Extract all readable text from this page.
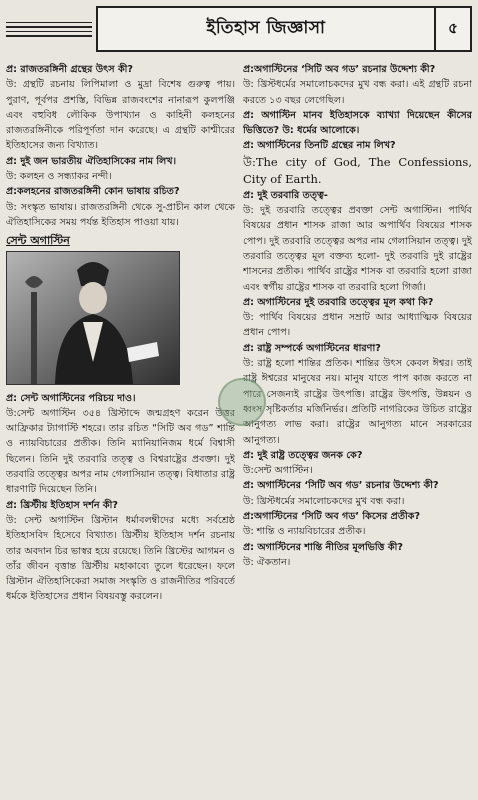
ইতিহাস জিজ্ঞাসা	৫

প্র: রাজতরঙ্গিনী গ্রন্থের উৎস কী?

উ: গ্রন্থটি রচনায় লিপিমালা ও মুদ্রা বিশেষ গুরুত্ব পায়। পুরাণ, পূর্বপর প্রশস্তি, বিভিন্ন রাজবংশের নানারূপ কুলপঞ্জি এবং বহুবিধ লৌকিক উপাখ্যান ও কাহিনী কলহনের রাজতরঙ্গিনীকে পরিপূর্ণতা দান করেছে। এ গ্রন্থটি কাশ্মীরের ইতিহাসের জন্য বিখ্যাত।

প্র: দুই জন ভারতীয় ঐতিহাসিকের নাম লিখ।

উ: কলহন ও সন্ধ্যাকর নন্দী।

প্র:কলহনের রাজতরঙ্গিনী কোন ভাষায় রচিত?

উ: সংস্কৃত ভাষায়। রাজতরঙ্গিনী থেকে সু-প্রাচীন কাল থেকে ঐতিহাসিকের সময় পর্যন্ত ইতিহাস পাওয়া যায়।

সেন্ট অগাস্টিন

প্র: সেন্ট অগাস্টিনের পরিচয় দাও।

উ:সেন্ট অগাস্টিন ৩৫৪ খ্রিস্টাব্দে জন্মগ্রহণ করেন উত্তর আফ্রিকার ট্যাগাস্টি শহরে। তার রচিত “সিটি অব গড” শান্তি ও ন্যায়বিচারের প্রতীক। তিনি ম্যানিয়ানিজম ধর্মে বিশ্বাসী ছিলেন। তিনি দুই তরবারি তত্ত্ব ও বিশ্বরাষ্ট্রের প্রবক্তা। দুই তরবারি তত্ত্বের অপর নাম গেলাসিয়ান তত্ত্ব। বিধাতার রাষ্ট্র ধারণাটি দিয়েছেন তিনি।

প্র: খ্রিস্টীয় ইতিহাস দর্শন কী?

উ: সেন্ট অগাস্টিন খ্রিস্টান ধর্মাবলম্বীদের মধ্যে সর্বশ্রেষ্ঠ ইতিহাসবিদ হিসেবে বিখ্যাত। খ্রিস্টীয় ইতিহাস দর্শন রচনায় তার অবদান চির ভাস্বর হয়ে রয়েছে। তিনি খ্রিস্টের আগমন ও তাঁর জীবন বৃত্তান্ত খ্রিস্টীয় মহাকাব্যে তুলে ধরেছেন। ফলে খ্রিস্টান ঐতিহাসিকেরা সমাজ সংস্কৃতি ও রাজনীতির পরিবর্তে ধর্মকে ইতিহাসের প্রধান বিষয়বস্তু করলেন।

প্র:অগাস্টিনের ‘সিটি অব গড’ রচনার উদ্দেশ্য কী?

উ: খ্রিস্টধর্মের সমালোচকদের মুখ বন্ধ করা। এই গ্রন্থটি রচনা করতে ১৩ বছর লেগেছিল।

প্র: অগাস্টিন মানব ইতিহাসকে ব্যাখ্যা দিয়েছেন কীসের ভিত্তিতে? উ: ধর্মের আলোকে।

প্র: অগাস্টিনের তিনটি গ্রন্থের নাম লিখ?

উ:The city of God, The Confessions, City of Earth.

প্র: দুই তরবারি তত্ত্ব-

উ: দুই তরবারি তত্ত্বের প্রবক্তা সেন্ট অগাস্টিন। পার্থিব বিষয়ের প্রধান শাসক রাজা আর অপার্থিব বিষয়ের শাসক পোপ। দুই তরবারি তত্ত্বের অপর নাম গেলাসিয়ান তত্ত্ব। দুই তরবারি তত্ত্বের মূল বক্তব্য হলো- দুই তরবারি দুই রাষ্ট্রের শাসনের প্রতীক। পার্থিব রাষ্ট্রের শাসক বা তরবারি হলো রাজা এবং স্বর্গীয় রাষ্ট্রের শাসক বা তরবারি হলো গির্জা।

প্র: অগাস্টিনের দুই তরবারি তত্ত্বের মূল কথা কি?

উ: পার্থিব বিষয়ের প্রধান সম্রাট আর আধ্যাত্মিক বিষয়ের প্রধান পোপ।

প্র: রাষ্ট্র সম্পর্কে অগাস্টিনের ধারণা?

উ: রাষ্ট্র হলো শান্তির প্রতিক। শান্তির উৎস কেবল ঈশ্বর। তাই রাষ্ট্র ঈশ্বরের মানুষের নয়। মানুষ যাতে পাপ কাজ করতে না পারে সেজন্যই রাষ্ট্রের উৎপত্তি। রাষ্ট্রের উৎপত্তি, উন্নয়ন ও ধ্বংস সৃষ্টিকর্তার মর্জিনির্ভর। প্রতিটি নাগরিকের উচিত রাষ্ট্রের আনুগত্য লাভ করা। রাষ্ট্রের আনুগত্য মানে সরকারের আনুগত্য।

প্র: দুই রাষ্ট্র তত্ত্বের জনক কে?

উ:সেন্ট অগাস্টিন।

প্র: অগাস্টিনের ‘সিটি অব গড’ রচনার উদ্দেশ্য কী?

উ: খ্রিস্টধর্মের সমালোচকদের মুখ বন্ধ করা।

প্র:অগাস্টিনের ‘সিটি অব গড’ কিসের প্রতীক?

উ: শান্তি ও ন্যায়বিচারের প্রতীক।

প্র: অগাস্টিনের শান্তি নীতির মূলভিত্তি কী?

উ: ঐকতান।
